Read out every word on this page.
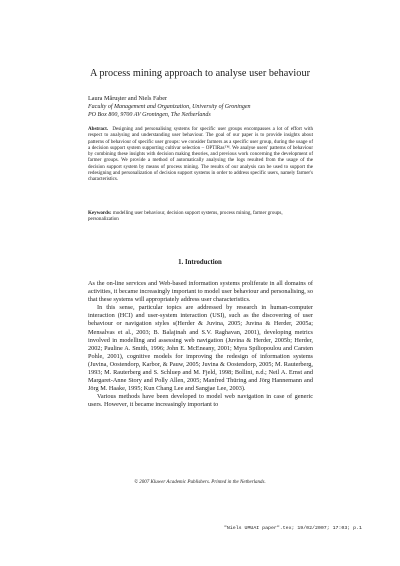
A process mining approach to analyse user behaviour
Laura Măruşter and Niels Faber
Faculty of Management and Organization, University of Groningen
PO Box 800, 9700 AV Groningen, The Netherlands
Abstract. Designing and personalising systems for specific user groups encompasses a lot of effort with respect to analysing and understanding user behaviour. The goal of our paper is to provide insights about patterns of behaviour of specific user groups: we consider farmers as a specific user group, during the usage of a decision support system supporting cultivar selection – OPTIRas™. We analyse users' patterns of behaviour by combining these insights with decision making theories, and previous work concerning the development of farmer groups. We provide a method of automatically analysing the logs resulted from the usage of the decision support system by means of process mining. The results of our analysis can be used to support the redesigning and personalization of decision support systems in order to address specific users, namely farmer's characteristics.
Keywords: modelling user behaviour, decision support systems, process mining, farmer groups, personalization
1. Introduction

As the on-line services and Web-based information systems proliferate in all domains of activities, it became increasingly important to model user behaviour and personalising, so that these systems will appropriately address user characteristics.

In this sense, particular topics are addressed by research in human-computer interaction (HCI) and user-system interaction (USI), such as the discovering of user behaviour or navigation styles s(Herder & Juvina, 2005; Juvina & Herder, 2005a; Mensalvas et al., 2003; B. Balajinah and S.V. Raghavan, 2001), developing metrics involved in modelling and assessing web navigation (Juvina & Herder, 2005b; Herder, 2002; Pauline A. Smith, 1996; John E. McEneany, 2001; Myra Spiliopoulou and Carsten Pohle, 2001), cognitive models for improving the redesign of information systems (Juvina, Oostendorp, Karbor, & Pauw, 2005; Juvina & Oostendorp, 2005; M. Rauterberg, 1993; M. Rauterberg and S. Schluep and M. Fjeld, 1998; Bollini, n.d.; Neil A. Ernst and Margaret-Anne Story and Polly Allen, 2005; Manfred Thüring and Jörg Hannemann and Jörg M. Haake, 1995; Kun Chang Lee and Sangjae Lee, 2003).

Various methods have been developed to model web navigation in case of generic users. However, it became increasingly important to

© 2007 Kluwer Academic Publishers. Printed in the Netherlands.
"Niels UMUAI paper".tex; 19/02/2007; 17:03; p.1
